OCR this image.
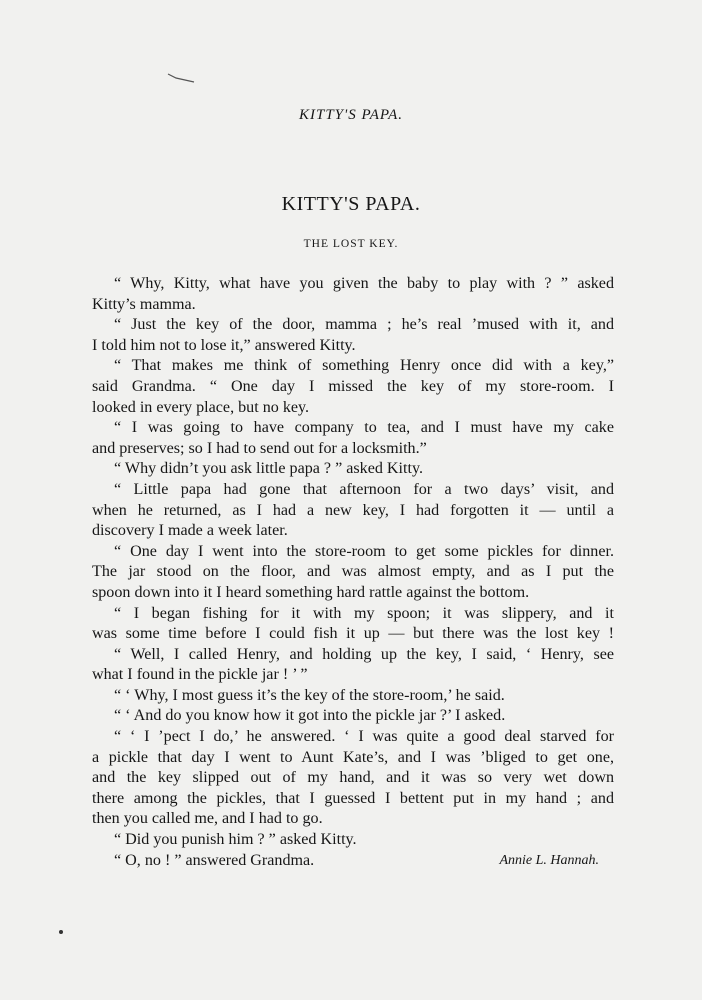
KITTY'S PAPA.
KITTY'S PAPA.
THE LOST KEY.
“ Why, Kitty, what have you given the baby to play with ? ” asked
Kitty’s mamma.
“ Just the key of the door, mamma ; he’s real ’mused with it, and
I told him not to lose it,” answered Kitty.
“ That makes me think of something Henry once did with a key,”
said Grandma. “ One day I missed the key of my store-room. I
looked in every place, but no key.
“ I was going to have company to tea, and I must have my cake
and preserves; so I had to send out for a locksmith.”
“ Why didn’t you ask little papa ? ” asked Kitty.
“ Little papa had gone that afternoon for a two days’ visit, and
when he returned, as I had a new key, I had forgotten it — until a
discovery I made a week later.
“ One day I went into the store-room to get some pickles for dinner.
The jar stood on the floor, and was almost empty, and as I put the
spoon down into it I heard something hard rattle against the bottom.
“ I began fishing for it with my spoon; it was slippery, and it
was some time before I could fish it up — but there was the lost key !
“ Well, I called Henry, and holding up the key, I said, ‘ Henry, see
what I found in the pickle jar ! ’ ”
“ ‘ Why, I most guess it’s the key of the store-room,’ he said.
“ ‘ And do you know how it got into the pickle jar ?’ I asked.
“ ‘ I ’pect I do,’ he answered. ‘ I was quite a good deal starved for
a pickle that day I went to Aunt Kate’s, and I was ’bliged to get one,
and the key slipped out of my hand, and it was so very wet down
there among the pickles, that I guessed I bettent put in my hand ; and
then you called me, and I had to go.
“ Did you punish him ? ” asked Kitty.
“ O, no ! ” answered Grandma.	Annie L. Hannah.
